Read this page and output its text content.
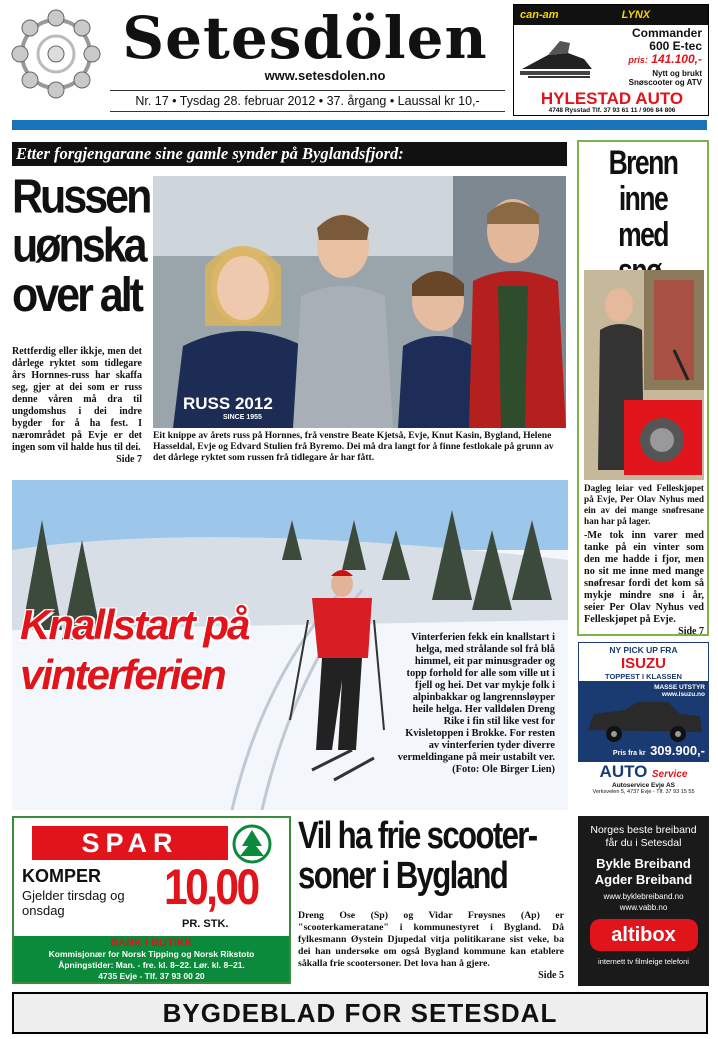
Setesdölen
www.setesdolen.no
Nr. 17 • Tysdag 28. februar 2012 • 37. årgang • Laussal kr 10,-
can-am	LYNX
Commander
600 E-tec
pris: 141.100,-
Nytt og brukt
Snøscooter og ATV
HYLESTAD AUTO
4748 Rysstad Tlf. 37 93 61 11 / 906 84 806
Etter forgjengarane sine gamle synder på Byglandsfjord:
Russen uønska over alt
Rettferdig eller ikkje, men det dårlege ryktet som tidlegare års Hornnes-russ har skaffa seg, gjer at dei som er russ denne våren må dra til ungdomshus i dei indre bygder for å ha fest. I nærområdet på Evje er det ingen som vil halde hus til dei.
Side 7
RUSS 2012
SINCE 1955
Eit knippe av årets russ på Hornnes, frå venstre Beate Kjetså, Evje, Knut Kasin, Bygland, Helene Hasseldal, Evje og Edvard Stulien frå Byremo. Dei må dra langt for å finne festlokale på grunn av det dårlege ryktet som russen frå tidlegare år har fått.
Brenn inne med
Dagleg leiar ved Felleskjøpet på Evje, Per Olav Nyhus med ein av dei mange snøfresane han har på lager.
-Me tok inn varer med tanke på ein vinter som den me hadde i fjor, men no sit me inne med mange snøfresar fordi det kom så mykje mindre snø i år, seier Per Olav Nyhus ved Felleskjøpet på Evje.
Side 7
Knallstart på vinterferien
Vinterferien fekk ein knallstart i helga, med strålande sol frå blå himmel, eit par minusgrader og topp forhold for alle som ville ut i fjell og hei. Det var mykje folk i alpinbakkar og langrennsløyper heile helga. Her valldølen Dreng Rike i fin stil like vest for Kvisletoppen i Brokke. For resten av vinterferien tyder diverre vermeldingane på meir ustabilt ver.
(Foto: Ole Birger Lien)
NY PICK UP FRA
ISUZU
TOPPEST I KLASSEN
MASSE UTSTYR
www.isuzu.no
Pris fra kr 309.900,-
AUTO Service
Autoservice Evje AS
Verksvelen 5, 4737 Evje - Tlf. 37 93 15 55
SPAR
KOMPER
Gjelder tirsdag og onsdag	10,00
PR. STK.
BANK I BUTIKK
Kommisjonær for Norsk Tipping og Norsk Rikstoto
Åpningstider: Man. - fre. kl. 8–22. Lør. kl. 8–21.
4735 Evje - Tlf. 37 93 00 20
Vil ha frie scooter-
soner i Bygland
Dreng Ose (Sp) og Vidar Frøysnes (Ap) er "scooterkameratane" i kommunestyret i Bygland. Då fylkesmann Øystein Djupedal vitja politikarane sist veke, ba dei han undersøke om også Bygland kommune kan etablere såkalla frie scootersoner. Det lova han å gjere.
Side 5
Norges beste breiband
får du i Setesdal
Bykle Breiband
Agder Breiband
www.byklebreiband.no
www.vabb.no
altibox
internett tv filmleige telefoni
BYGDEBLAD FOR SETESDAL
